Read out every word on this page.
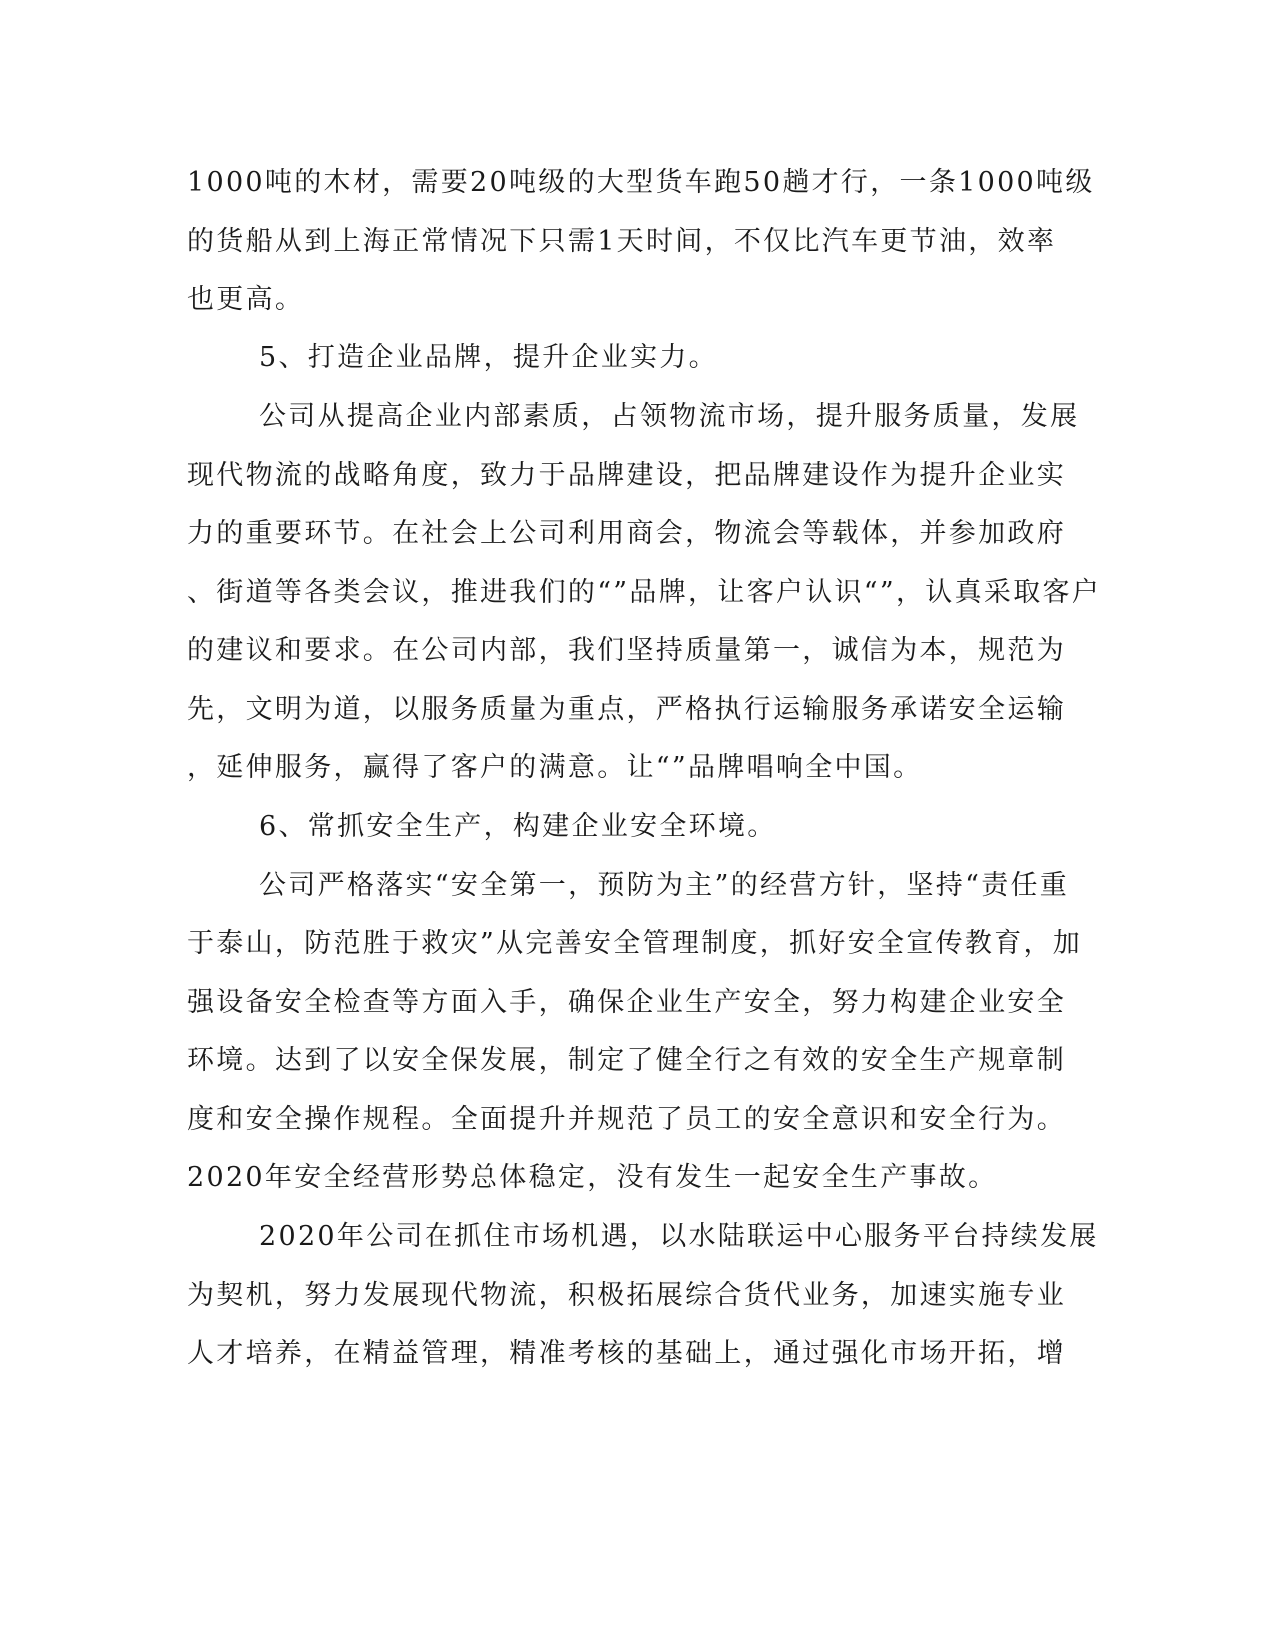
1000吨的木材，需要20吨级的大型货车跑50趟才行，一条1000吨级
的货船从到上海正常情况下只需1天时间，不仅比汽车更节油，效率
也更高。
5、打造企业品牌，提升企业实力。
公司从提高企业内部素质，占领物流市场，提升服务质量，发展
现代物流的战略角度，致力于品牌建设，把品牌建设作为提升企业实
力的重要环节。在社会上公司利用商会，物流会等载体，并参加政府
、街道等各类会议，推进我们的“”品牌，让客户认识“”，认真采取客户
的建议和要求。在公司内部，我们坚持质量第一，诚信为本，规范为
先，文明为道，以服务质量为重点，严格执行运输服务承诺安全运输
，延伸服务，赢得了客户的满意。让“”品牌唱响全中国。
6、常抓安全生产，构建企业安全环境。
公司严格落实“安全第一，预防为主”的经营方针，坚持“责任重
于泰山，防范胜于救灾”从完善安全管理制度，抓好安全宣传教育，加
强设备安全检查等方面入手，确保企业生产安全，努力构建企业安全
环境。达到了以安全保发展，制定了健全行之有效的安全生产规章制
度和安全操作规程。全面提升并规范了员工的安全意识和安全行为。
2020年安全经营形势总体稳定，没有发生一起安全生产事故。
2020年公司在抓住市场机遇，以水陆联运中心服务平台持续发展
为契机，努力发展现代物流，积极拓展综合货代业务，加速实施专业
人才培养，在精益管理，精准考核的基础上，通过强化市场开拓，增
